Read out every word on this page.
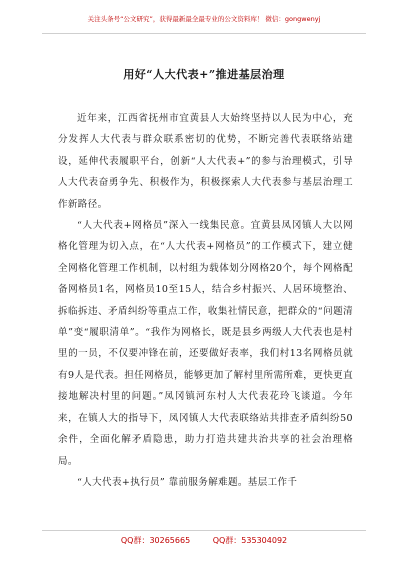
关注头条号“公文研究”，获得最新最全最专业的公文资料库！ 微信：gongwenyj
用好“人大代表+”推进基层治理

近年来，江西省抚州市宜黄县人大始终坚持以人民为中心，充分发挥人大代表与群众联系密切的优势，不断完善代表联络站建设，延伸代表履职平台，创新“人大代表+”的参与治理模式，引导人大代表奋勇争先、积极作为，积极探索人大代表参与基层治理工作新路径。

“人大代表+网格员”深入一线集民意。宜黄县凤冈镇人大以网格化管理为切入点，在“人大代表+网格员”的工作模式下，建立健全网格化管理工作机制，以村组为载体划分网格20个，每个网格配备网格员1名，网格员10至15人，结合乡村振兴、人居环境整治、拆临拆违、矛盾纠纷等重点工作，收集社情民意，把群众的“问题清单”变“履职清单”。“我作为网格长，既是县乡两级人大代表也是村里的一员，不仅要冲锋在前，还要做好表率，我们村13名网格员就有9人是代表。担任网格员，能够更加了解村里所需所难，更快更直接地解决村里的问题。”凤冈镇河东村人大代表花玲飞谈道。今年来，在镇人大的指导下，凤冈镇人大代表联络站共排查矛盾纠纷50余件，全面化解矛盾隐患，助力打造共建共治共享的社会治理格局。

“人大代表+执行员” 靠前服务解难题。基层工作千

QQ群：30265665	QQ群：535304092
